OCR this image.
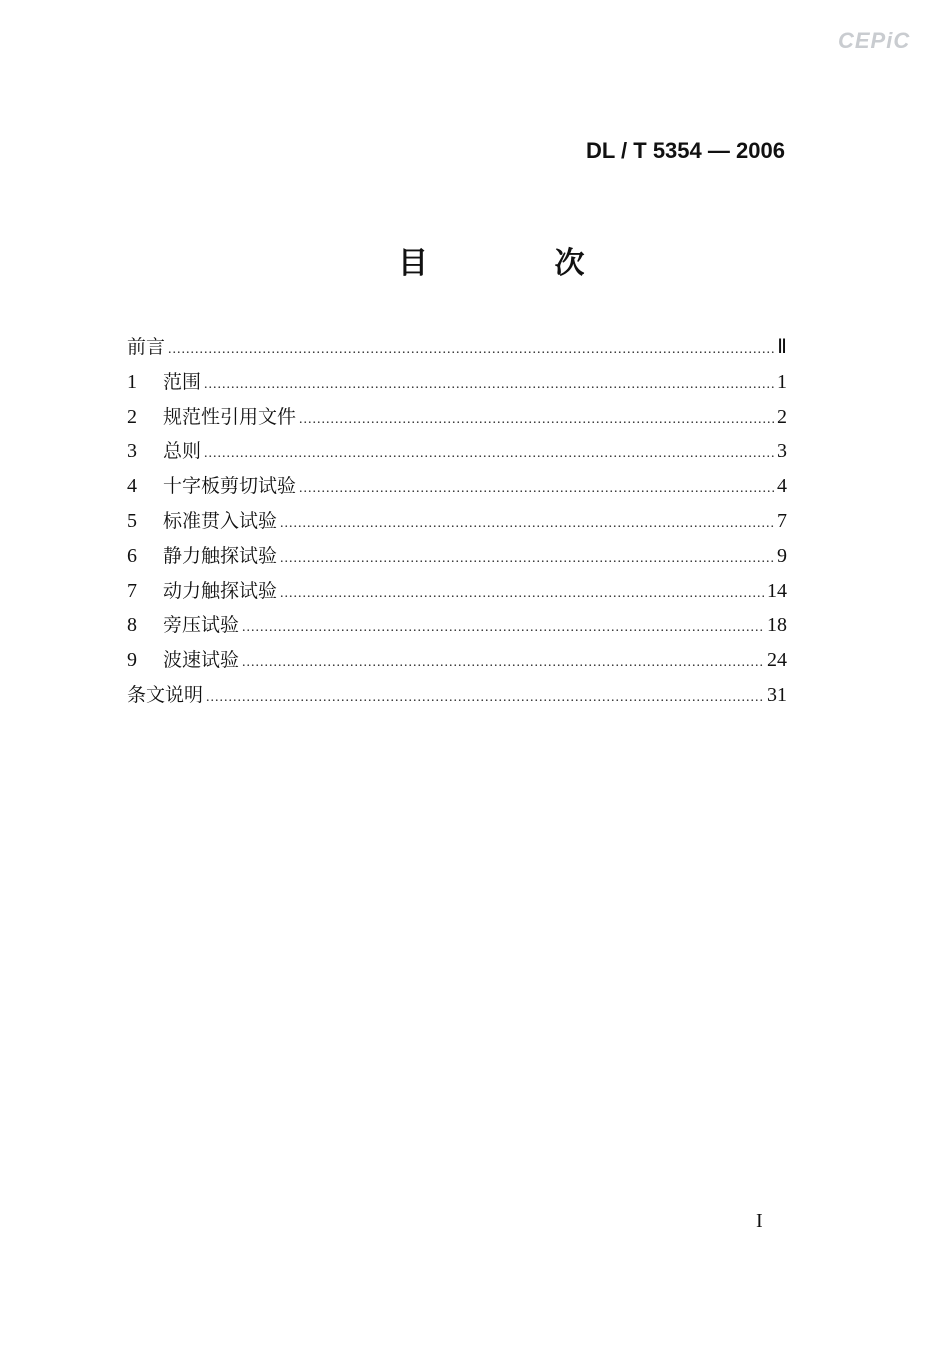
CEPiC
DL / T 5354 — 2006
目 次
前言 .....	Ⅱ
1	范围 .....	1
2	规范性引用文件 .....	2
3	总则 .....	3
4	十字板剪切试验 .....	4
5	标准贯入试验 .....	7
6	静力触探试验 .....	9
7	动力触探试验 .....	14
8	旁压试验 .....	18
9	波速试验 .....	24
条文说明 .....	31
I
